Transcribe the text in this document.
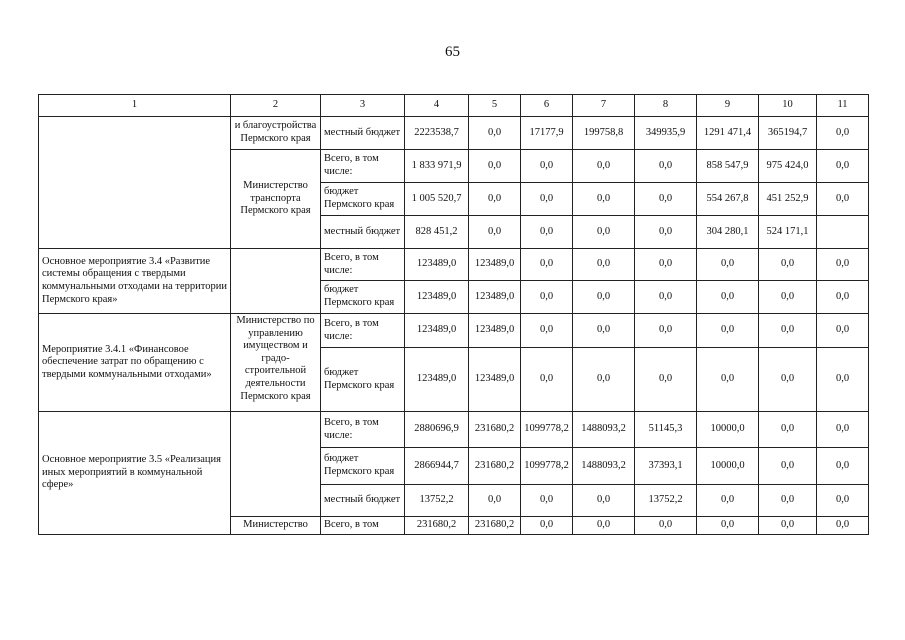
65
1	2	3	4	5	6	7	8	9	10	11
	и благоустройства Пермского края	местный бюджет	2223538,7	0,0	17177,9	199758,8	349935,9	1291 471,4	365194,7	0,0
	Министерство транспорта Пермского края	Всего, в том числе:	1 833 971,9	0,0	0,0	0,0	0,0	858 547,9	975 424,0	0,0
		бюджет Пермского края	1 005 520,7	0,0	0,0	0,0	0,0	554 267,8	451 252,9	0,0
		местный бюджет	828 451,2	0,0	0,0	0,0	0,0	304 280,1	524 171,1	
Основное мероприятие 3.4 «Развитие системы обращения с твердыми коммунальными отходами на территории Пермского края»		Всего, в том числе:	123489,0	123489,0	0,0	0,0	0,0	0,0	0,0	0,0
		бюджет Пермского края	123489,0	123489,0	0,0	0,0	0,0	0,0	0,0	0,0
Мероприятие 3.4.1 «Финансовое обеспечение затрат по обращению с твердыми коммунальными отходами»	Министерство по управлению имуществом и градо-строительной деятельности Пермского края	Всего, в том числе:	123489,0	123489,0	0,0	0,0	0,0	0,0	0,0	0,0
		бюджет Пермского края	123489,0	123489,0	0,0	0,0	0,0	0,0	0,0	0,0
Основное мероприятие 3.5 «Реализация иных мероприятий в коммунальной сфере»		Всего, в том числе:	2880696,9	231680,2	1099778,2	1488093,2	51145,3	10000,0	0,0	0,0
		бюджет Пермского края	2866944,7	231680,2	1099778,2	1488093,2	37393,1	10000,0	0,0	0,0
		местный бюджет	13752,2	0,0	0,0	0,0	13752,2	0,0	0,0	0,0
	Министерство	Всего, в том	231680,2	231680,2	0,0	0,0	0,0	0,0	0,0	0,0
